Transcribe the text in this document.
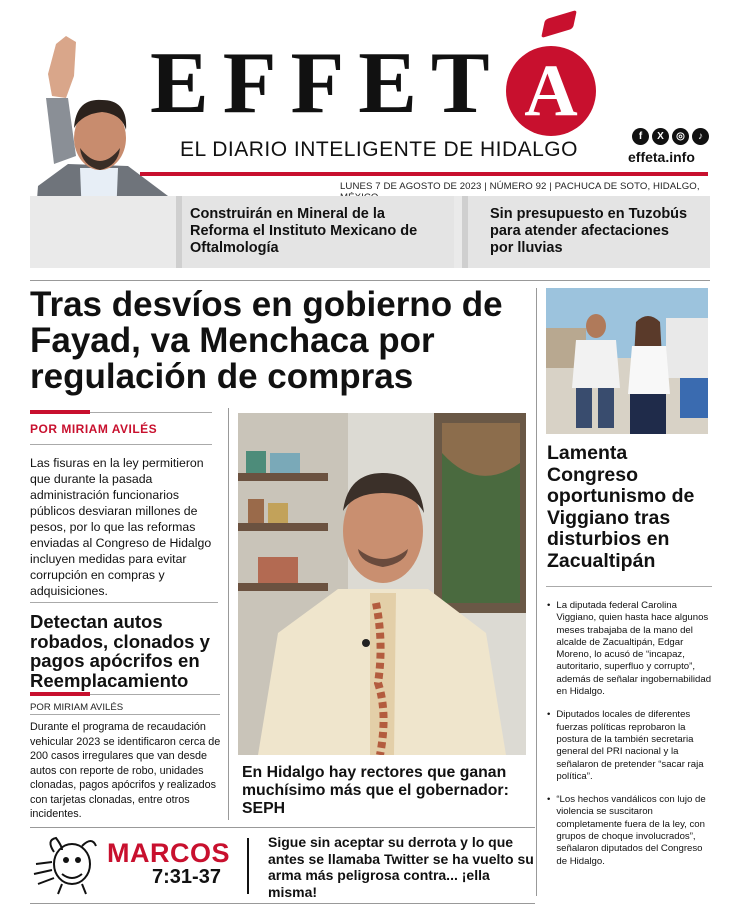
EFFET A
EL DIARIO INTELIGENTE DE HIDALGO
f	X	◎	♪
effeta.info
LUNES 7 DE AGOSTO DE 2023 | NÚMERO 92 | PACHUCA DE SOTO, HIDALGO,
Construirán en Mineral de la Reforma el Instituto Mexicano de Oftalmología
Sin presupuesto en Tuzobús para atender afectaciones por lluvias
Tras desvíos en gobierno de Fayad, va Menchaca por regulación de compras
POR MIRIAM AVILÉS
Las fisuras en la ley permitieron que durante la pasada administración funcionarios públicos desviaran millones de pesos, por lo que las reformas enviadas al Congreso de Hidalgo incluyen medidas para evitar corrupción en compras y adquisiciones.
Detectan autos robados, clonados y pagos apócrifos en Reemplacamiento
POR MIRIAM AVILÉS
Durante el programa de recaudación vehicular 2023 se identificaron cerca de 200 casos irregulares que van desde autos con reporte de robo, unidades clonadas, pagos apócrifos y realizados con tarjetas clonadas, entre otros incidentes.
En Hidalgo hay rectores que ganan muchísimo más que el gobernador: SEPH
Lamenta Congreso oportunismo de Viggiano tras disturbios en Zacualtipán
• La diputada federal Carolina Viggiano, quien hasta hace algunos meses trabajaba de la mano del alcalde de Zacualtipán, Edgar Moreno, lo acusó de “incapaz, autoritario, superfluo y corrupto”, además de señalar ingobernabilidad en Hidalgo.
• Diputados locales de diferentes fuerzas políticas reprobaron la postura de la también secretaria general del PRI nacional y la señalaron de pretender “sacar raja política”.
• “Los hechos vandálicos con lujo de violencia se suscitaron completamente fuera de la ley, con grupos de choque involucrados”, señalaron diputados del Congreso de Hidalgo.
MARCOS
7:31-37
Sigue sin aceptar su derrota y lo que antes se llamaba Twitter se ha vuelto su arma más peligrosa contra... ¡ella misma!
